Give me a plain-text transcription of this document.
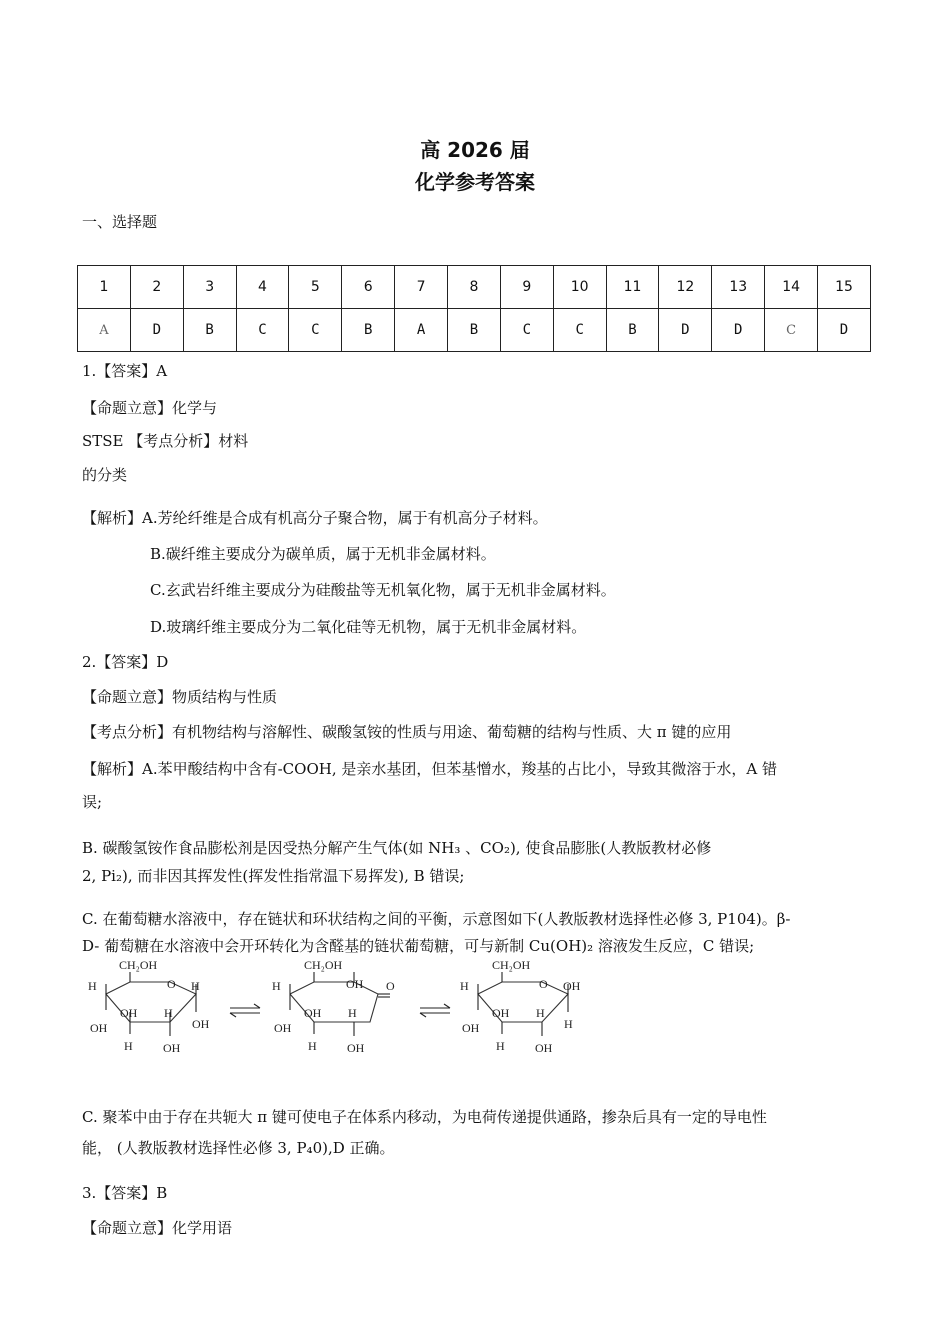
高 2026 届
化学参考答案
一、选择题
1	2	3	4	5	6	7	8	9	10	11	12	13	14	15
A	D	B	C	C	B	A	B	C	C	B	D	D	C	D
1.【答案】A
【命题立意】化学与
STSE 【考点分析】材料
的分类
【解析】A.芳纶纤维是合成有机高分子聚合物，属于有机高分子材料。
B.碳纤维主要成分为碳单质，属于无机非金属材料。
C.玄武岩纤维主要成分为硅酸盐等无机氧化物，属于无机非金属材料。
D.玻璃纤维主要成分为二氧化硅等无机物，属于无机非金属材料。
2.【答案】D
【命题立意】物质结构与性质
【考点分析】有机物结构与溶解性、碳酸氢铵的性质与用途、葡萄糖的结构与性质、大 π 键的应用
【解析】A.苯甲酸结构中含有-COOH, 是亲水基团，但苯基憎水，羧基的占比小，导致其微溶于水，A 错
误;
B. 碳酸氢铵作食品膨松剂是因受热分解产生气体(如 NH₃ 、CO₂), 使食品膨胀(人教版教材必修
2, Pi₂), 而非因其挥发性(挥发性指常温下易挥发), B 错误;
C. 在葡萄糖水溶液中，存在链状和环状结构之间的平衡，示意图如下(人教版教材选择性必修 3, P104)。β-
D- 葡萄糖在水溶液中会开环转化为含醛基的链状葡萄糖，可与新制 Cu(OH)₂ 溶液发生反应，C 错误;
CH₂OH
O
H
OH
OH
H
H
OH
H
OH
CH₂OH
OH
H
OH
OH
H
H
OH
O
CH₂OH
O
H
OH
OH
H
H
OH
OH
H
C. 聚苯中由于存在共轭大 π 键可使电子在体系内移动，为电荷传递提供通路，掺杂后具有一定的导电性
能， (人教版教材选择性必修 3, P₄0),D 正确。
3.【答案】B
【命题立意】化学用语
